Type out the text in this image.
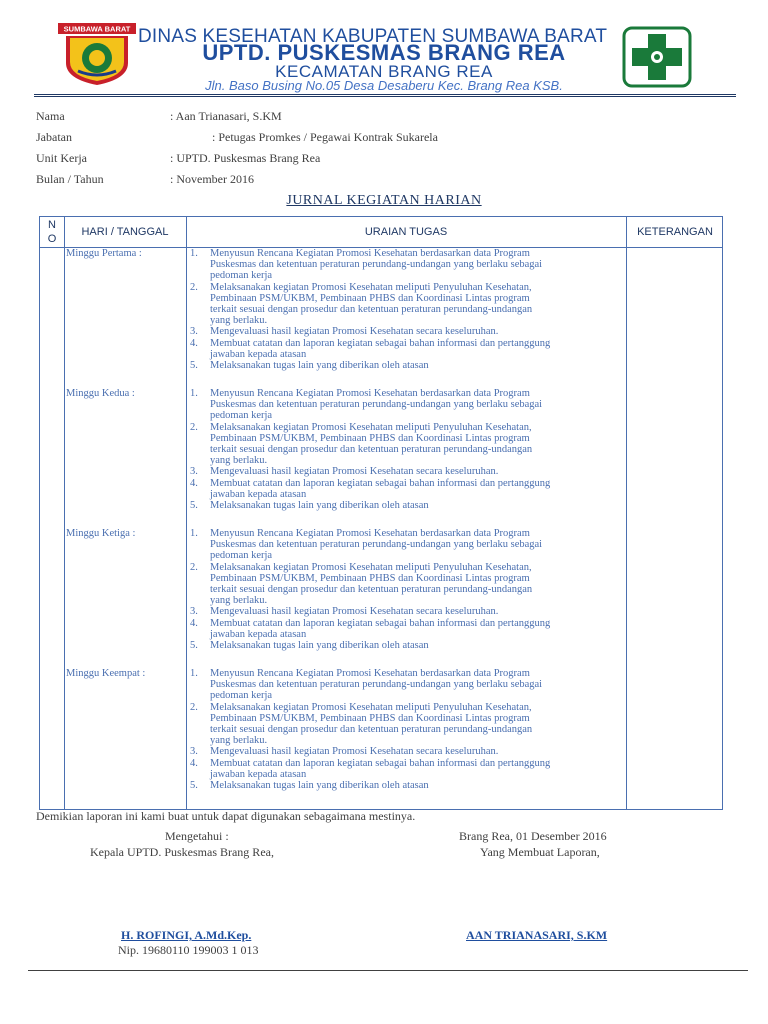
SUMBAWA BARAT DINAS KESEHATAN KABUPATEN SUMBAWA BARAT
UPTD. PUSKESMAS BRANG REA
KECAMATAN BRANG REA
Jln. Baso Busing No.05 Desa Desaberu Kec. Brang Rea KSB.
Nama	: Aan Trianasari, S.KM
Jabatan	: Petugas Promkes / Pegawai Kontrak Sukarela
Unit Kerja	: UPTD. Puskesmas Brang Rea
Bulan / Tahun	: November 2016
JURNAL KEGIATAN HARIAN
N
O
HARI / TANGGAL	URAIAN TUGAS	KETERANGAN
Minggu Pertama :	1. Menyusun Rencana Kegiatan Promosi Kesehatan berdasarkan data Program
Puskesmas dan ketentuan peraturan perundang-undangan yang berlaku sebagai
pedoman kerja
2. Melaksanakan kegiatan Promosi Kesehatan meliputi Penyuluhan Kesehatan,
Pembinaan PSM/UKBM, Pembinaan PHBS dan Koordinasi Lintas program
terkait sesuai dengan prosedur dan ketentuan peraturan perundang-undangan
yang berlaku.
3. Mengevaluasi hasil kegiatan Promosi Kesehatan secara keseluruhan.
4. Membuat catatan dan laporan kegiatan sebagai bahan informasi dan pertanggung
jawaban kepada atasan
5. Melaksanakan tugas lain yang diberikan oleh atasan
Minggu Kedua :	1. Menyusun Rencana Kegiatan Promosi Kesehatan berdasarkan data Program
Puskesmas dan ketentuan peraturan perundang-undangan yang berlaku sebagai
pedoman kerja
2. Melaksanakan kegiatan Promosi Kesehatan meliputi Penyuluhan Kesehatan,
Pembinaan PSM/UKBM, Pembinaan PHBS dan Koordinasi Lintas program
terkait sesuai dengan prosedur dan ketentuan peraturan perundang-undangan
yang berlaku.
3. Mengevaluasi hasil kegiatan Promosi Kesehatan secara keseluruhan.
4. Membuat catatan dan laporan kegiatan sebagai bahan informasi dan pertanggung
jawaban kepada atasan
5. Melaksanakan tugas lain yang diberikan oleh atasan
Minggu Ketiga :	1. Menyusun Rencana Kegiatan Promosi Kesehatan berdasarkan data Program
Puskesmas dan ketentuan peraturan perundang-undangan yang berlaku sebagai
pedoman kerja
2. Melaksanakan kegiatan Promosi Kesehatan meliputi Penyuluhan Kesehatan,
Pembinaan PSM/UKBM, Pembinaan PHBS dan Koordinasi Lintas program
terkait sesuai dengan prosedur dan ketentuan peraturan perundang-undangan
yang berlaku.
3. Mengevaluasi hasil kegiatan Promosi Kesehatan secara keseluruhan.
4. Membuat catatan dan laporan kegiatan sebagai bahan informasi dan pertanggung
jawaban kepada atasan
5. Melaksanakan tugas lain yang diberikan oleh atasan
Minggu Keempat :	1. Menyusun Rencana Kegiatan Promosi Kesehatan berdasarkan data Program
Puskesmas dan ketentuan peraturan perundang-undangan yang berlaku sebagai
pedoman kerja
2. Melaksanakan kegiatan Promosi Kesehatan meliputi Penyuluhan Kesehatan,
Pembinaan PSM/UKBM, Pembinaan PHBS dan Koordinasi Lintas program
terkait sesuai dengan prosedur dan ketentuan peraturan perundang-undangan
yang berlaku.
3. Mengevaluasi hasil kegiatan Promosi Kesehatan secara keseluruhan.
4. Membuat catatan dan laporan kegiatan sebagai bahan informasi dan pertanggung
jawaban kepada atasan
5. Melaksanakan tugas lain yang diberikan oleh atasan
Demikian laporan ini kami buat untuk dapat digunakan sebagaimana mestinya.
Mengetahui :
Kepala UPTD. Puskesmas Brang Rea,
Brang Rea, 01 Desember 2016
Yang Membuat Laporan,
H. ROFINGI, A.Md.Kep.
Nip. 19680110 199003 1 013
AAN TRIANASARI, S.KM
